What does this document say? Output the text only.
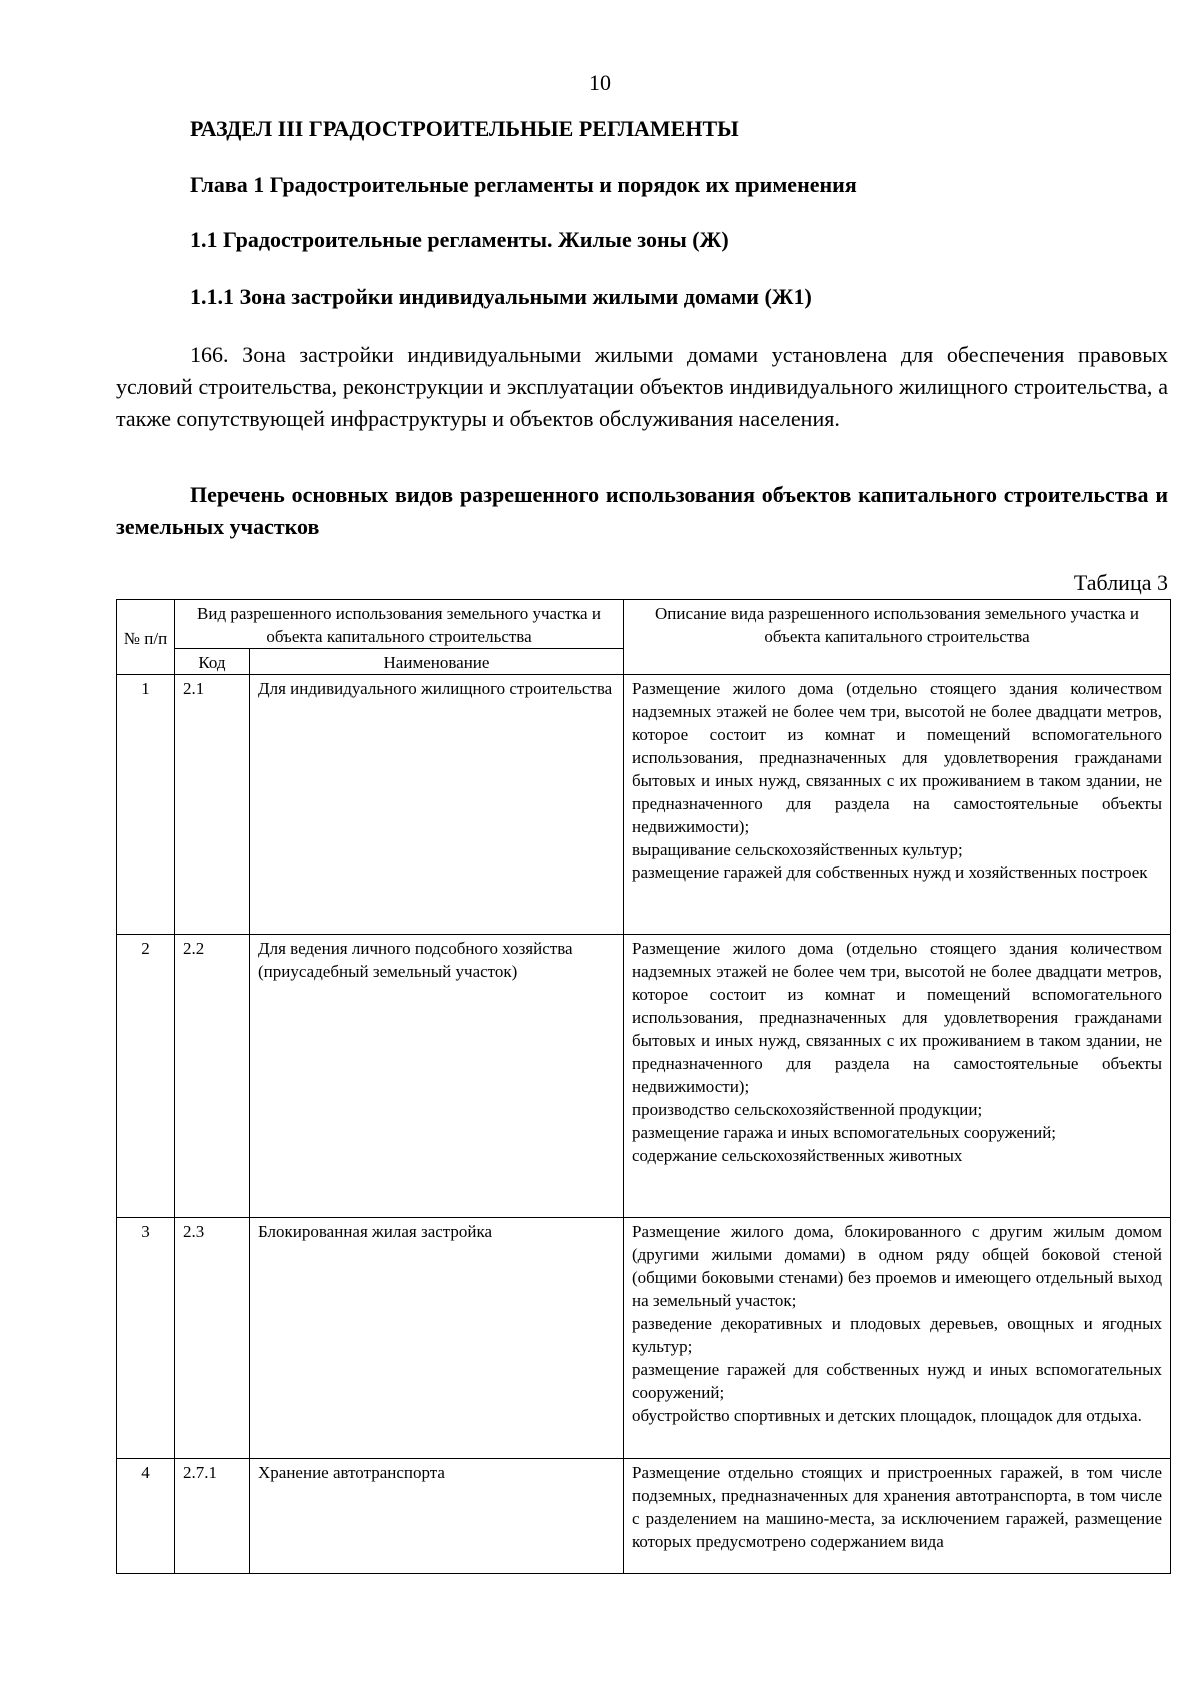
10
РАЗДЕЛ III ГРАДОСТРОИТЕЛЬНЫЕ РЕГЛАМЕНТЫ
Глава 1 Градостроительные регламенты и порядок их применения
1.1 Градостроительные регламенты. Жилые зоны (Ж)
1.1.1 Зона застройки индивидуальными жилыми домами (Ж1)

166. Зона застройки индивидуальными жилыми домами установлена для обеспечения правовых условий строительства, реконструкции и эксплуатации объектов индивидуального жилищного строительства, а также сопутствующей инфраструктуры и объектов обслуживания населения.

Перечень основных видов разрешенного использования объектов капитального строительства и земельных участков

Таблица 3
№ п/п	Вид разрешенного использования земельного участка и объекта капитального строительства		Описание вида разрешенного использования земельного участка и объекта капитального строительства
	Код	Наименование	
1	2.1	Для индивидуального жилищного строительства	Размещение жилого дома (отдельно стоящего здания количеством надземных этажей не более чем три, высотой не более двадцати метров, которое состоит из комнат и помещений вспомогательного использования, предназначенных для удовлетворения гражданами бытовых и иных нужд, связанных с их проживанием в таком здании, не предназначенного для раздела на самостоятельные объекты недвижимости);
выращивание сельскохозяйственных культур;
размещение гаражей для собственных нужд и хозяйственных построек
2	2.2	Для ведения личного подсобного хозяйства (приусадебный земельный участок)	Размещение жилого дома (отдельно стоящего здания количеством надземных этажей не более чем три, высотой не более двадцати метров, которое состоит из комнат и помещений вспомогательного использования, предназначенных для удовлетворения гражданами бытовых и иных нужд, связанных с их проживанием в таком здании, не предназначенного для раздела на самостоятельные объекты недвижимости);
производство сельскохозяйственной продукции;
размещение гаража и иных вспомогательных сооружений;
содержание сельскохозяйственных животных
3	2.3	Блокированная жилая застройка	Размещение жилого дома, блокированного с другим жилым домом (другими жилыми домами) в одном ряду общей боковой стеной (общими боковыми стенами) без проемов и имеющего отдельный выход на земельный участок;
разведение декоративных и плодовых деревьев, овощных и ягодных культур;
размещение гаражей для собственных нужд и иных вспомогательных сооружений;
обустройство спортивных и детских площадок, площадок для отдыха.
4	2.7.1	Хранение автотранспорта	Размещение отдельно стоящих и пристроенных гаражей, в том числе подземных, предназначенных для хранения автотранспорта, в том числе с разделением на машино-места, за исключением гаражей, размещение которых предусмотрено содержанием вида
